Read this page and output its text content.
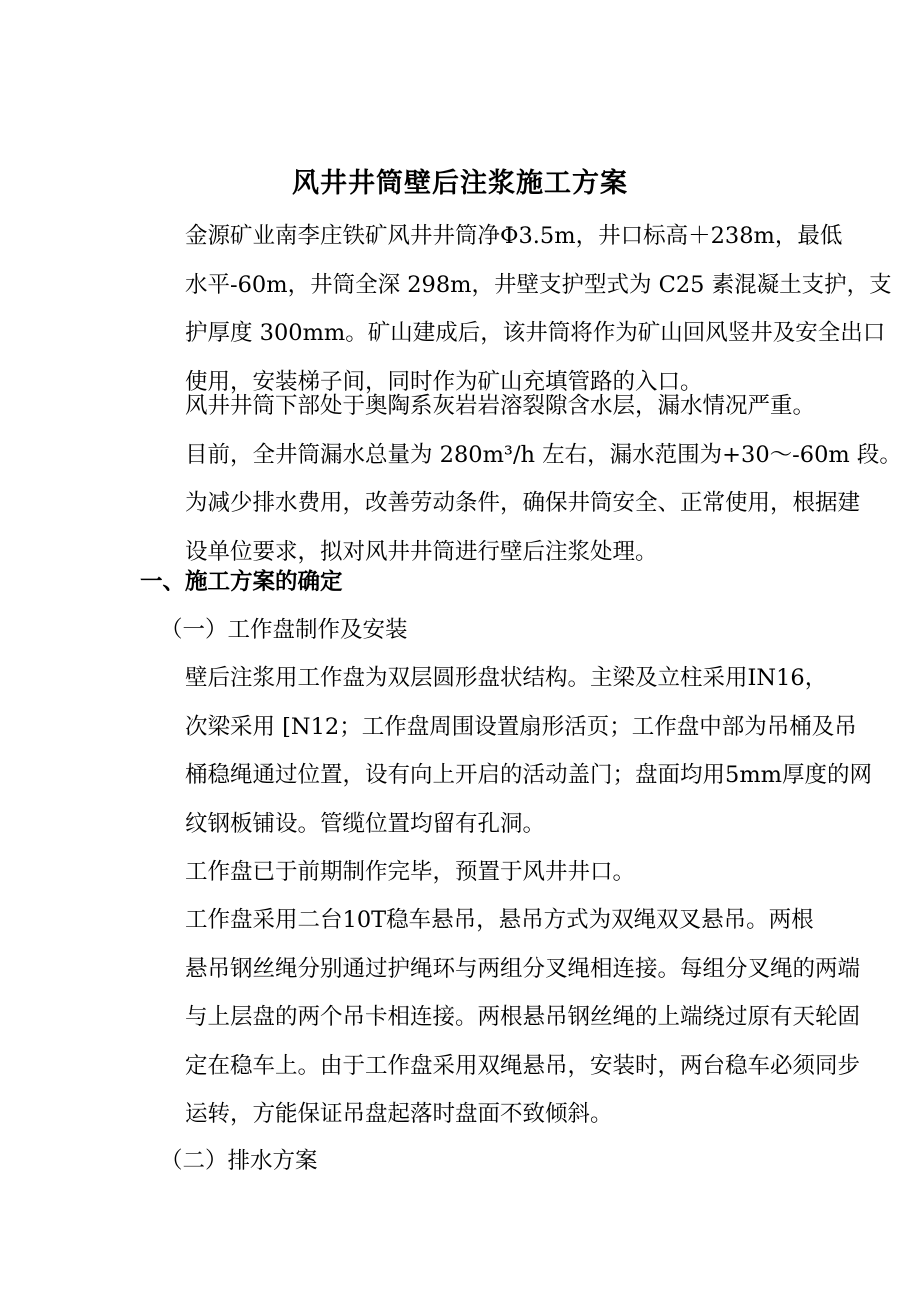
风井井筒壁后注浆施工方案

金源矿业南李庄铁矿风井井筒净Φ3.5m，井口标高＋238m，最低
水平-60m，井筒全深 298m，井壁支护型式为 C25 素混凝土支护，支
护厚度 300mm。矿山建成后，该井筒将作为矿山回风竖井及安全出口
使用，安装梯子间，同时作为矿山充填管路的入口。

风井井筒下部处于奥陶系灰岩岩溶裂隙含水层，漏水情况严重。
目前，全井筒漏水总量为 280m³/h 左右，漏水范围为+30～-60m 段。
为减少排水费用，改善劳动条件，确保井筒安全、正常使用，根据建
设单位要求，拟对风井井筒进行壁后注浆处理。

一、施工方案的确定
（一）工作盘制作及安装

壁后注浆用工作盘为双层圆形盘状结构。主梁及立柱采用ⅠN16，
次梁采用 [N12；工作盘周围设置扇形活页；工作盘中部为吊桶及吊
桶稳绳通过位置，设有向上开启的活动盖门；盘面均用5mm厚度的网
纹钢板铺设。管缆位置均留有孔洞。

工作盘已于前期制作完毕，预置于风井井口。

工作盘采用二台10T稳车悬吊，悬吊方式为双绳双叉悬吊。两根
悬吊钢丝绳分别通过护绳环与两组分叉绳相连接。每组分叉绳的两端
与上层盘的两个吊卡相连接。两根悬吊钢丝绳的上端绕过原有天轮固
定在稳车上。由于工作盘采用双绳悬吊，安装时，两台稳车必须同步
运转，方能保证吊盘起落时盘面不致倾斜。

（二）排水方案
